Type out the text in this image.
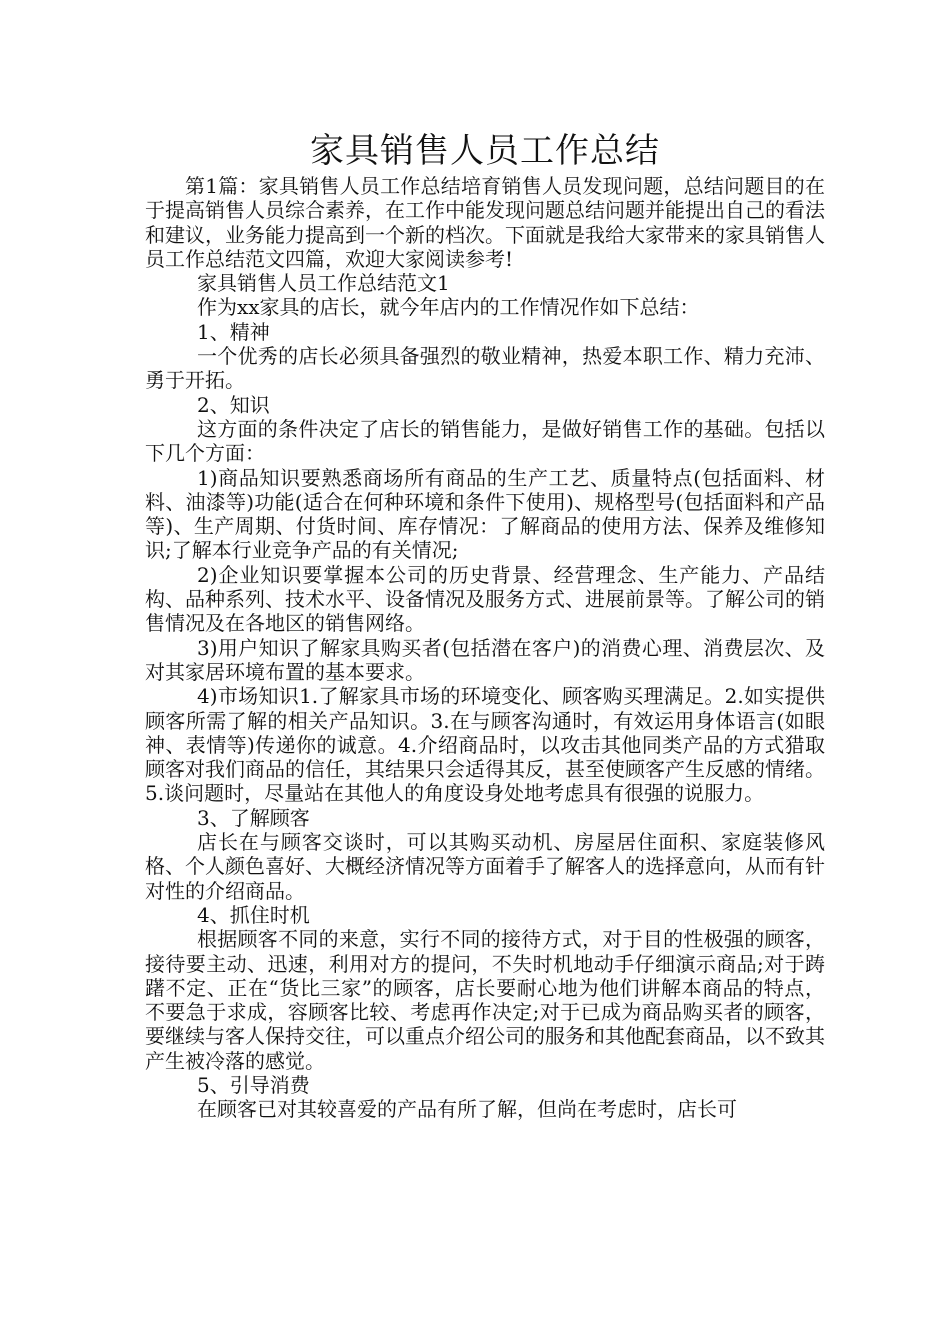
家具销售人员工作总结

第1篇：家具销售人员工作总结培育销售人员发现问题，总结问题目的在于提高销售人员综合素养，在工作中能发现问题总结问题并能提出自己的看法和建议，业务能力提高到一个新的档次。下面就是我给大家带来的家具销售人员工作总结范文四篇，欢迎大家阅读参考!

家具销售人员工作总结范文1

作为xx家具的店长，就今年店内的工作情况作如下总结：

1、精神

一个优秀的店长必须具备强烈的敬业精神，热爱本职工作、精力充沛、勇于开拓。

2、知识

这方面的条件决定了店长的销售能力，是做好销售工作的基础。包括以下几个方面：

1)商品知识要熟悉商场所有商品的生产工艺、质量特点(包括面料、材料、油漆等)功能(适合在何种环境和条件下使用)、规格型号(包括面料和产品等)、生产周期、付货时间、库存情况：了解商品的使用方法、保养及维修知识;了解本行业竞争产品的有关情况;

2)企业知识要掌握本公司的历史背景、经营理念、生产能力、产品结构、品种系列、技术水平、设备情况及服务方式、进展前景等。了解公司的销售情况及在各地区的销售网络。

3)用户知识了解家具购买者(包括潜在客户)的消费心理、消费层次、及对其家居环境布置的基本要求。

4)市场知识1.了解家具市场的环境变化、顾客购买理满足。2.如实提供顾客所需了解的相关产品知识。3.在与顾客沟通时，有效运用身体语言(如眼神、表情等)传递你的诚意。4.介绍商品时，以攻击其他同类产品的方式猎取顾客对我们商品的信任，其结果只会适得其反，甚至使顾客产生反感的情绪。5.谈问题时，尽量站在其他人的角度设身处地考虑具有很强的说服力。

3、了解顾客

店长在与顾客交谈时，可以其购买动机、房屋居住面积、家庭装修风格、个人颜色喜好、大概经济情况等方面着手了解客人的选择意向，从而有针对性的介绍商品。

4、抓住时机

根据顾客不同的来意，实行不同的接待方式，对于目的性极强的顾客，接待要主动、迅速，利用对方的提问，不失时机地动手仔细演示商品;对于踌躇不定、正在“货比三家”的顾客，店长要耐心地为他们讲解本商品的特点，不要急于求成，容顾客比较、考虑再作决定;对于已成为商品购买者的顾客，要继续与客人保持交往，可以重点介绍公司的服务和其他配套商品，以不致其产生被冷落的感觉。

5、引导消费

在顾客已对其较喜爱的产品有所了解，但尚在考虑时，店长可
